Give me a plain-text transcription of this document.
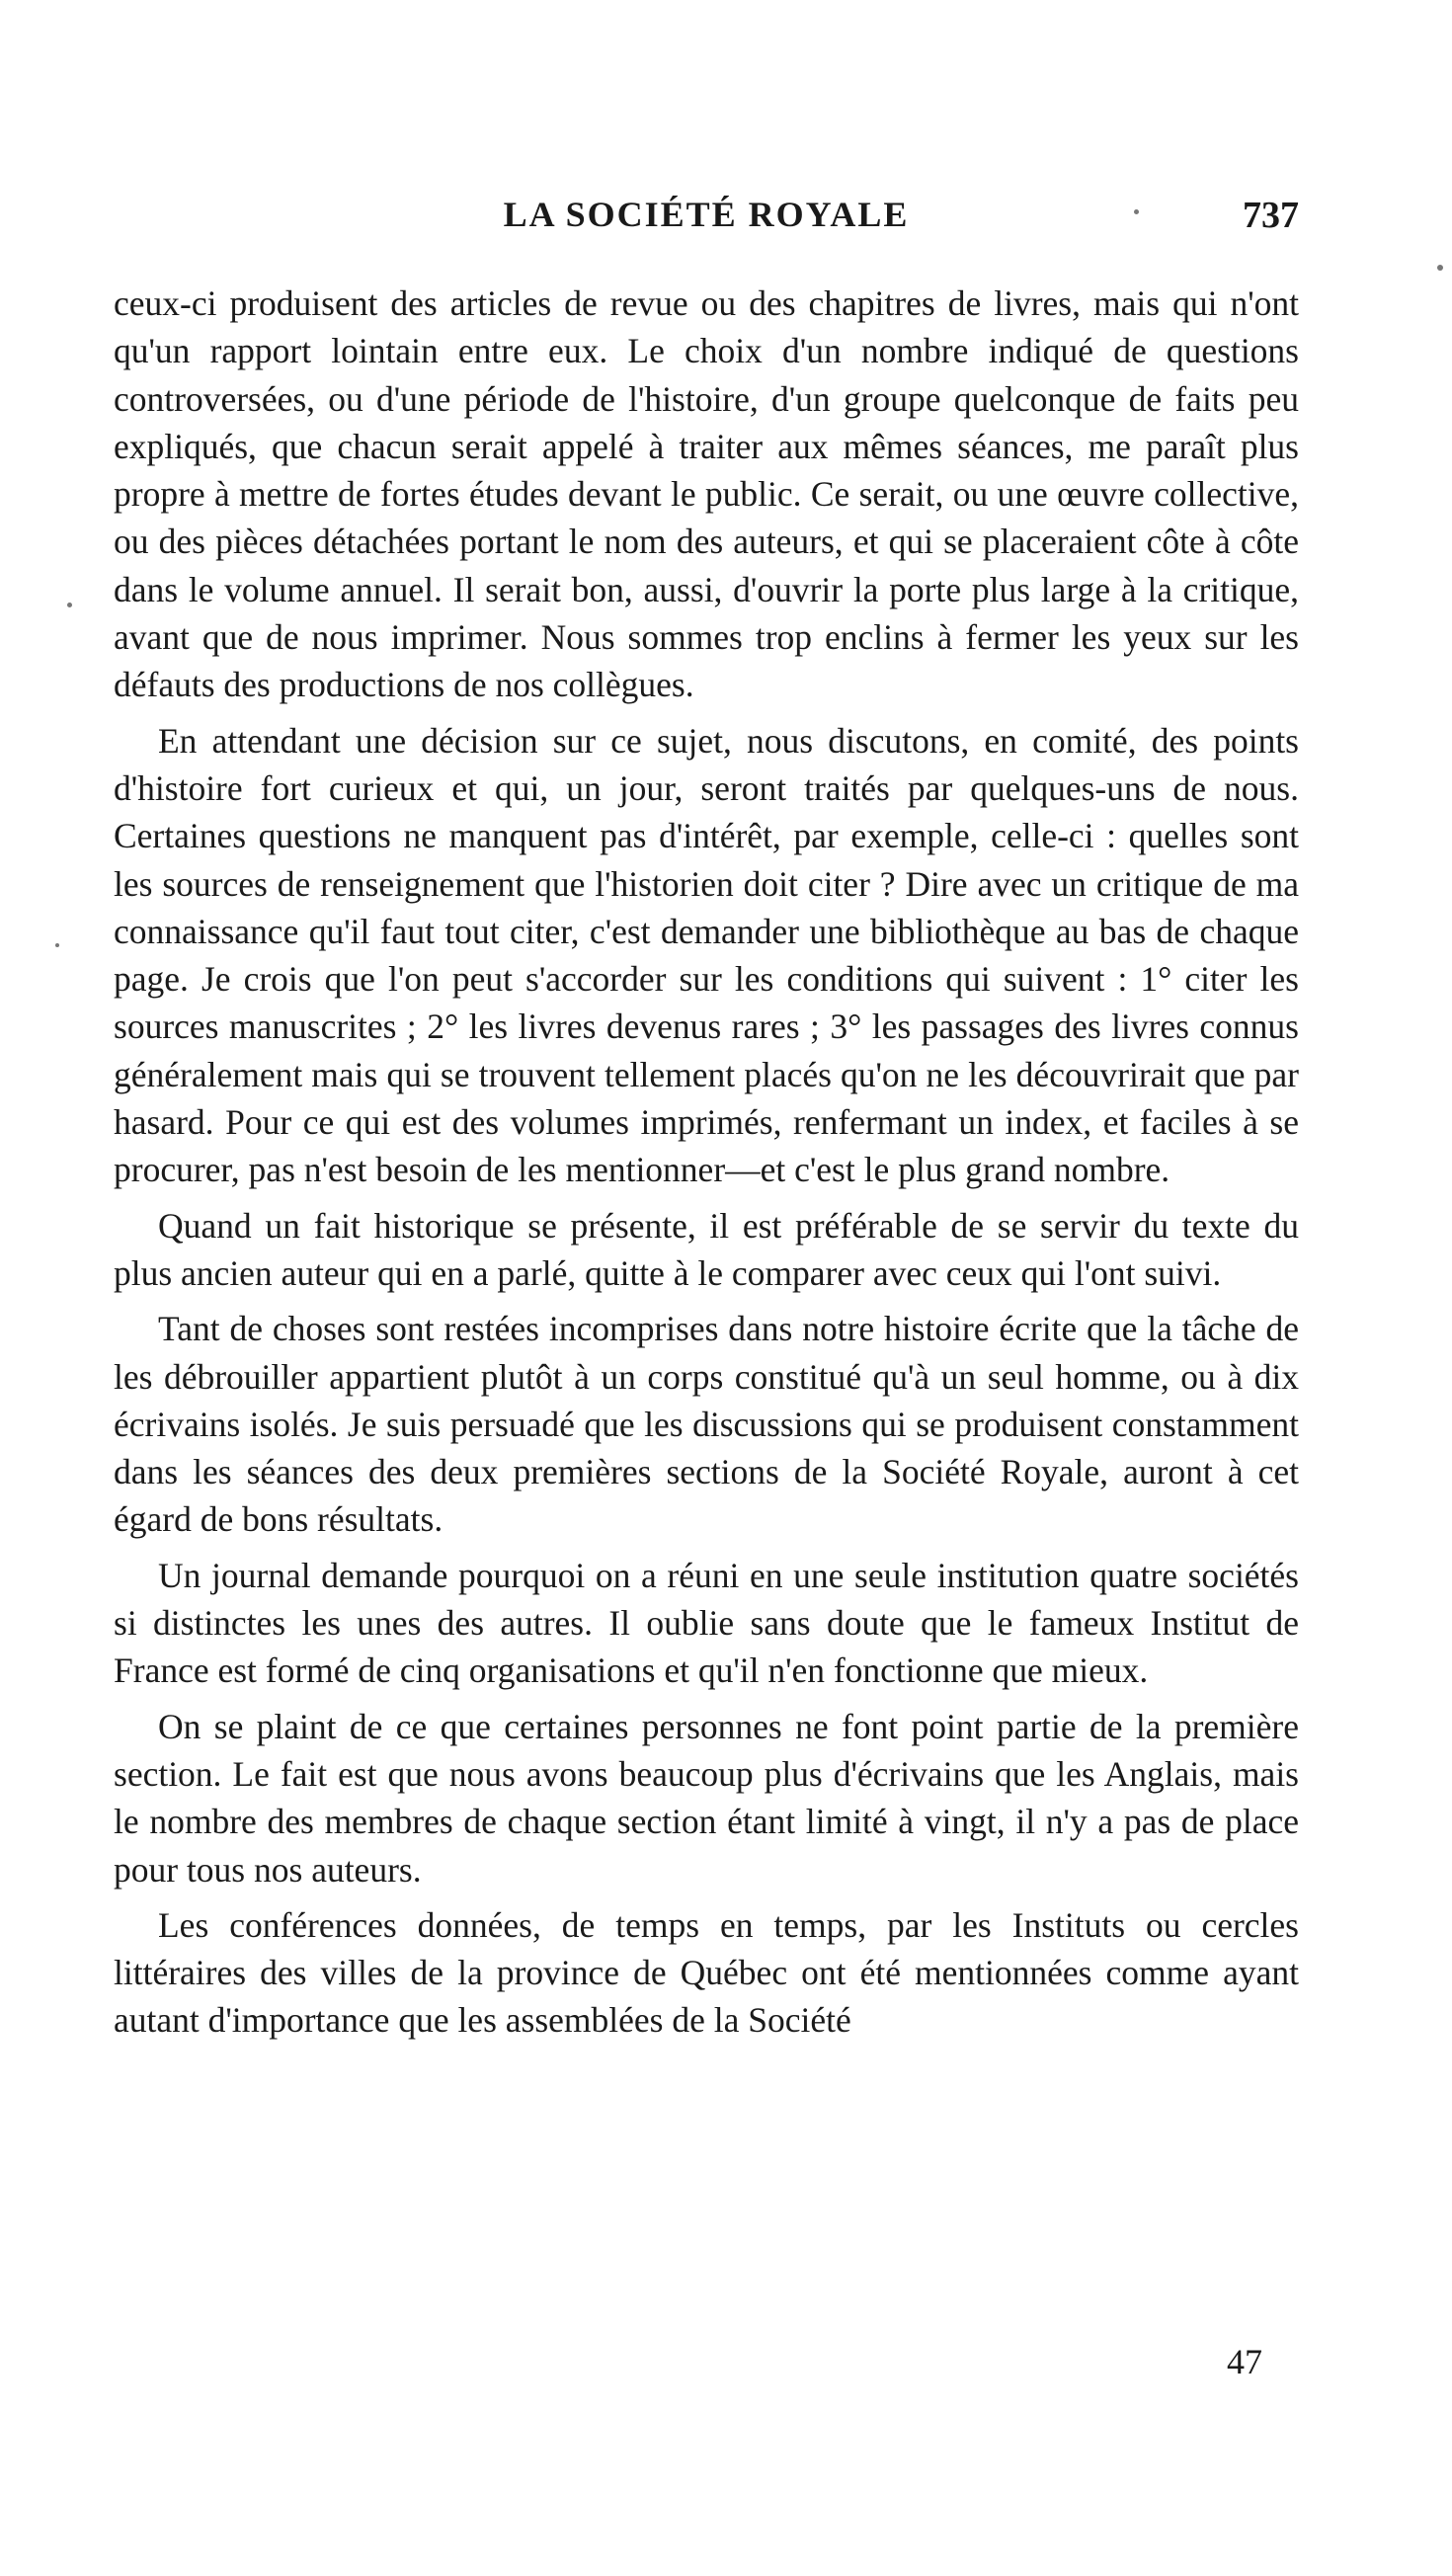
LA SOCIÉTÉ ROYALE	737

ceux-ci produisent des articles de revue ou des chapitres de livres, mais qui n'ont qu'un rapport lointain entre eux. Le choix d'un nombre indiqué de questions controversées, ou d'une période de l'histoire, d'un groupe quelconque de faits peu expliqués, que chacun serait appelé à traiter aux mêmes séances, me paraît plus propre à mettre de fortes études devant le public. Ce serait, ou une œuvre collective, ou des pièces détachées portant le nom des auteurs, et qui se placeraient côte à côte dans le volume annuel. Il serait bon, aussi, d'ouvrir la porte plus large à la critique, avant que de nous imprimer. Nous sommes trop enclins à fermer les yeux sur les défauts des productions de nos collègues.

En attendant une décision sur ce sujet, nous discutons, en comité, des points d'histoire fort curieux et qui, un jour, seront traités par quelques-uns de nous. Certaines questions ne manquent pas d'intérêt, par exemple, celle-ci : quelles sont les sources de renseignement que l'historien doit citer ? Dire avec un critique de ma connaissance qu'il faut tout citer, c'est demander une bibliothèque au bas de chaque page. Je crois que l'on peut s'accorder sur les conditions qui suivent : 1° citer les sources manuscrites ; 2° les livres devenus rares ; 3° les passages des livres connus généralement mais qui se trouvent tellement placés qu'on ne les découvrirait que par hasard. Pour ce qui est des volumes imprimés, renfermant un index, et faciles à se procurer, pas n'est besoin de les mentionner—et c'est le plus grand nombre.

Quand un fait historique se présente, il est préférable de se servir du texte du plus ancien auteur qui en a parlé, quitte à le comparer avec ceux qui l'ont suivi.

Tant de choses sont restées incomprises dans notre histoire écrite que la tâche de les débrouiller appartient plutôt à un corps constitué qu'à un seul homme, ou à dix écrivains isolés. Je suis persuadé que les discussions qui se produisent constamment dans les séances des deux premières sections de la Société Royale, auront à cet égard de bons résultats.

Un journal demande pourquoi on a réuni en une seule institution quatre sociétés si distinctes les unes des autres. Il oublie sans doute que le fameux Institut de France est formé de cinq organisations et qu'il n'en fonctionne que mieux.

On se plaint de ce que certaines personnes ne font point partie de la première section. Le fait est que nous avons beaucoup plus d'écrivains que les Anglais, mais le nombre des membres de chaque section étant limité à vingt, il n'y a pas de place pour tous nos auteurs.

Les conférences données, de temps en temps, par les Instituts ou cercles littéraires des villes de la province de Québec ont été mentionnées comme ayant autant d'importance que les assemblées de la Société

47
